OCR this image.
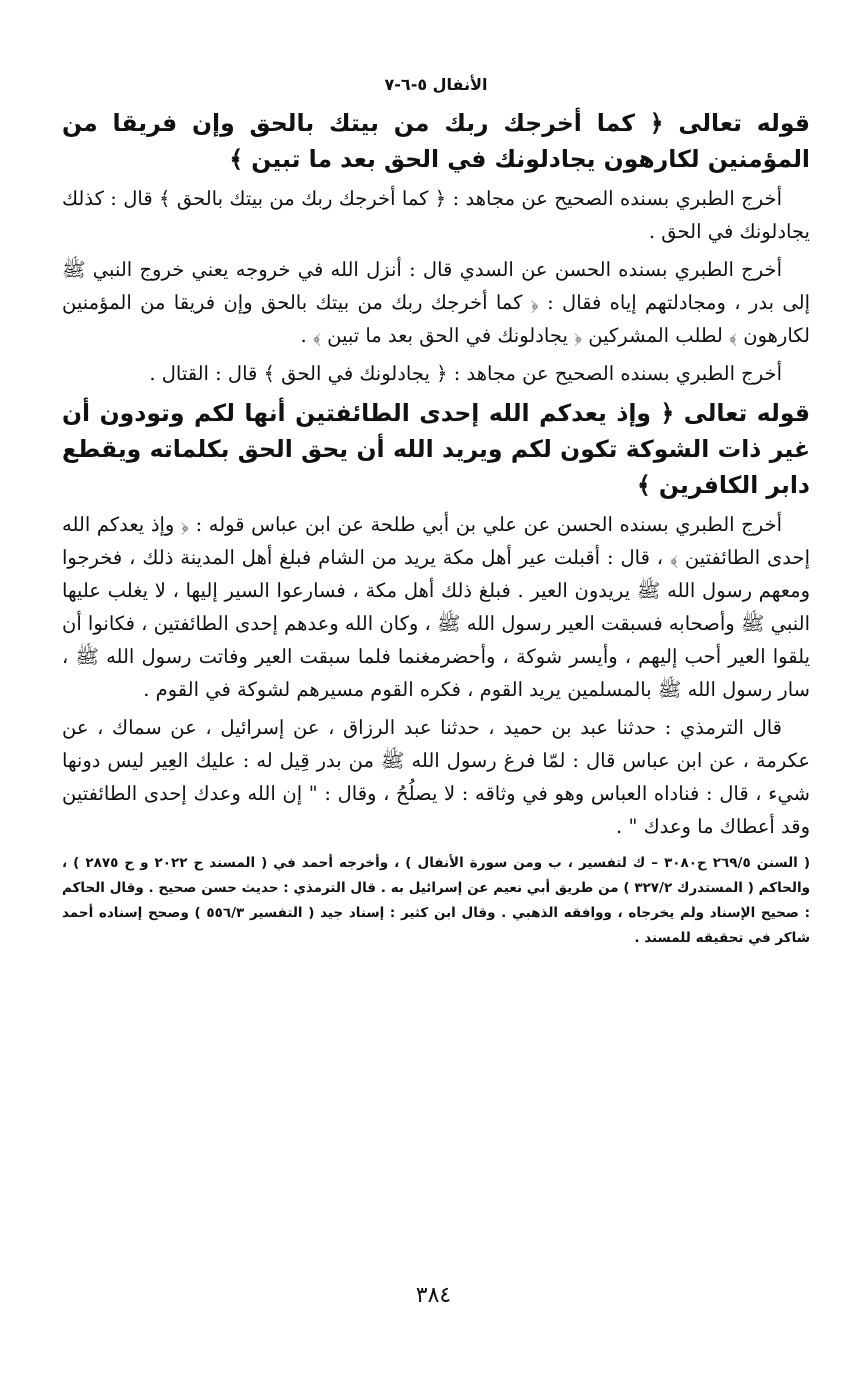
الأنفال ٥-٦-٧

قوله تعالى ﴿ كما أخرجك ربك من بيتك بالحق وإن فريقا من المؤمنين لكارهون يجادلونك في الحق بعد ما تبين ﴾

أخرج الطبري بسنده الصحيح عن مجاهد : ﴿ كما أخرجك ربك من بيتك بالحق ﴾ قال : كذلك يجادلونك في الحق .

أخرج الطبري بسنده الحسن عن السدي قال : أنزل الله في خروجه يعني خروج النبي ﷺ إلى بدر ، ومجادلتهم إياه فقال : ﴿ كما أخرجك ربك من بيتك بالحق وإن فريقا من المؤمنين لكارهون ﴾ لطلب المشركين ﴿ يجادلونك في الحق بعد ما تبين ﴾ .

أخرج الطبري بسنده الصحيح عن مجاهد : ﴿ يجادلونك في الحق ﴾ قال : القتال .

قوله تعالى ﴿ وإذ يعدكم الله إحدى الطائفتين أنها لكم وتودون أن غير ذات الشوكة تكون لكم ويريد الله أن يحق الحق بكلماته ويقطع دابر الكافرين ﴾

أخرج الطبري بسنده الحسن عن علي بن أبي طلحة عن ابن عباس قوله : ﴿ وإذ يعدكم الله إحدى الطائفتين ﴾ ، قال : أقبلت عير أهل مكة يريد من الشام فبلغ أهل المدينة ذلك ، فخرجوا ومعهم رسول الله ﷺ يريدون العير . فبلغ ذلك أهل مكة ، فسارعوا السير إليها ، لا يغلب عليها النبي ﷺ وأصحابه فسبقت العير رسول الله ﷺ ، وكان الله وعدهم إحدى الطائفتين ، فكانوا أن يلقوا العير أحب إليهم ، وأيسر شوكة ، وأحضرمغنما فلما سبقت العير وفاتت رسول الله ﷺ ، سار رسول الله ﷺ بالمسلمين يريد القوم ، فكره القوم مسيرهم لشوكة في القوم .

قال الترمذي : حدثنا عبد بن حميد ، حدثنا عبد الرزاق ، عن إسرائيل ، عن سماك ، عن عكرمة ، عن ابن عباس قال : لمّا فرغ رسول الله ﷺ من بدر قِيل له : عليك العِير ليس دونها شيء ، قال : فناداه العباس وهو في وثاقه : لا يصلُحُ ، وقال : " إن الله وعدك إحدى الطائفتين وقد أعطاك ما وعدك " .

( السنن ٢٦٩/٥ ح٣٠٨٠ – ك لتفسير ، ب ومن سورة الأنفال ) ، وأخرجه أحمد في ( المسند ح ٢٠٢٢ و ح ٢٨٧٥ ) ، والحاكم ( المستدرك ٣٢٧/٢ ) من طريق أبي نعيم عن إسرائيل به . قال الترمذي : حديث حسن صحيح . وقال الحاكم : صحيح الإسناد ولم يخرجاه ، ووافقه الذهبي . وقال ابن كثير : إسناد جيد ( التفسير ٥٥٦/٣ ) وصحح إسناده أحمد شاكر في تحقيقه للمسند .

٣٨٤
